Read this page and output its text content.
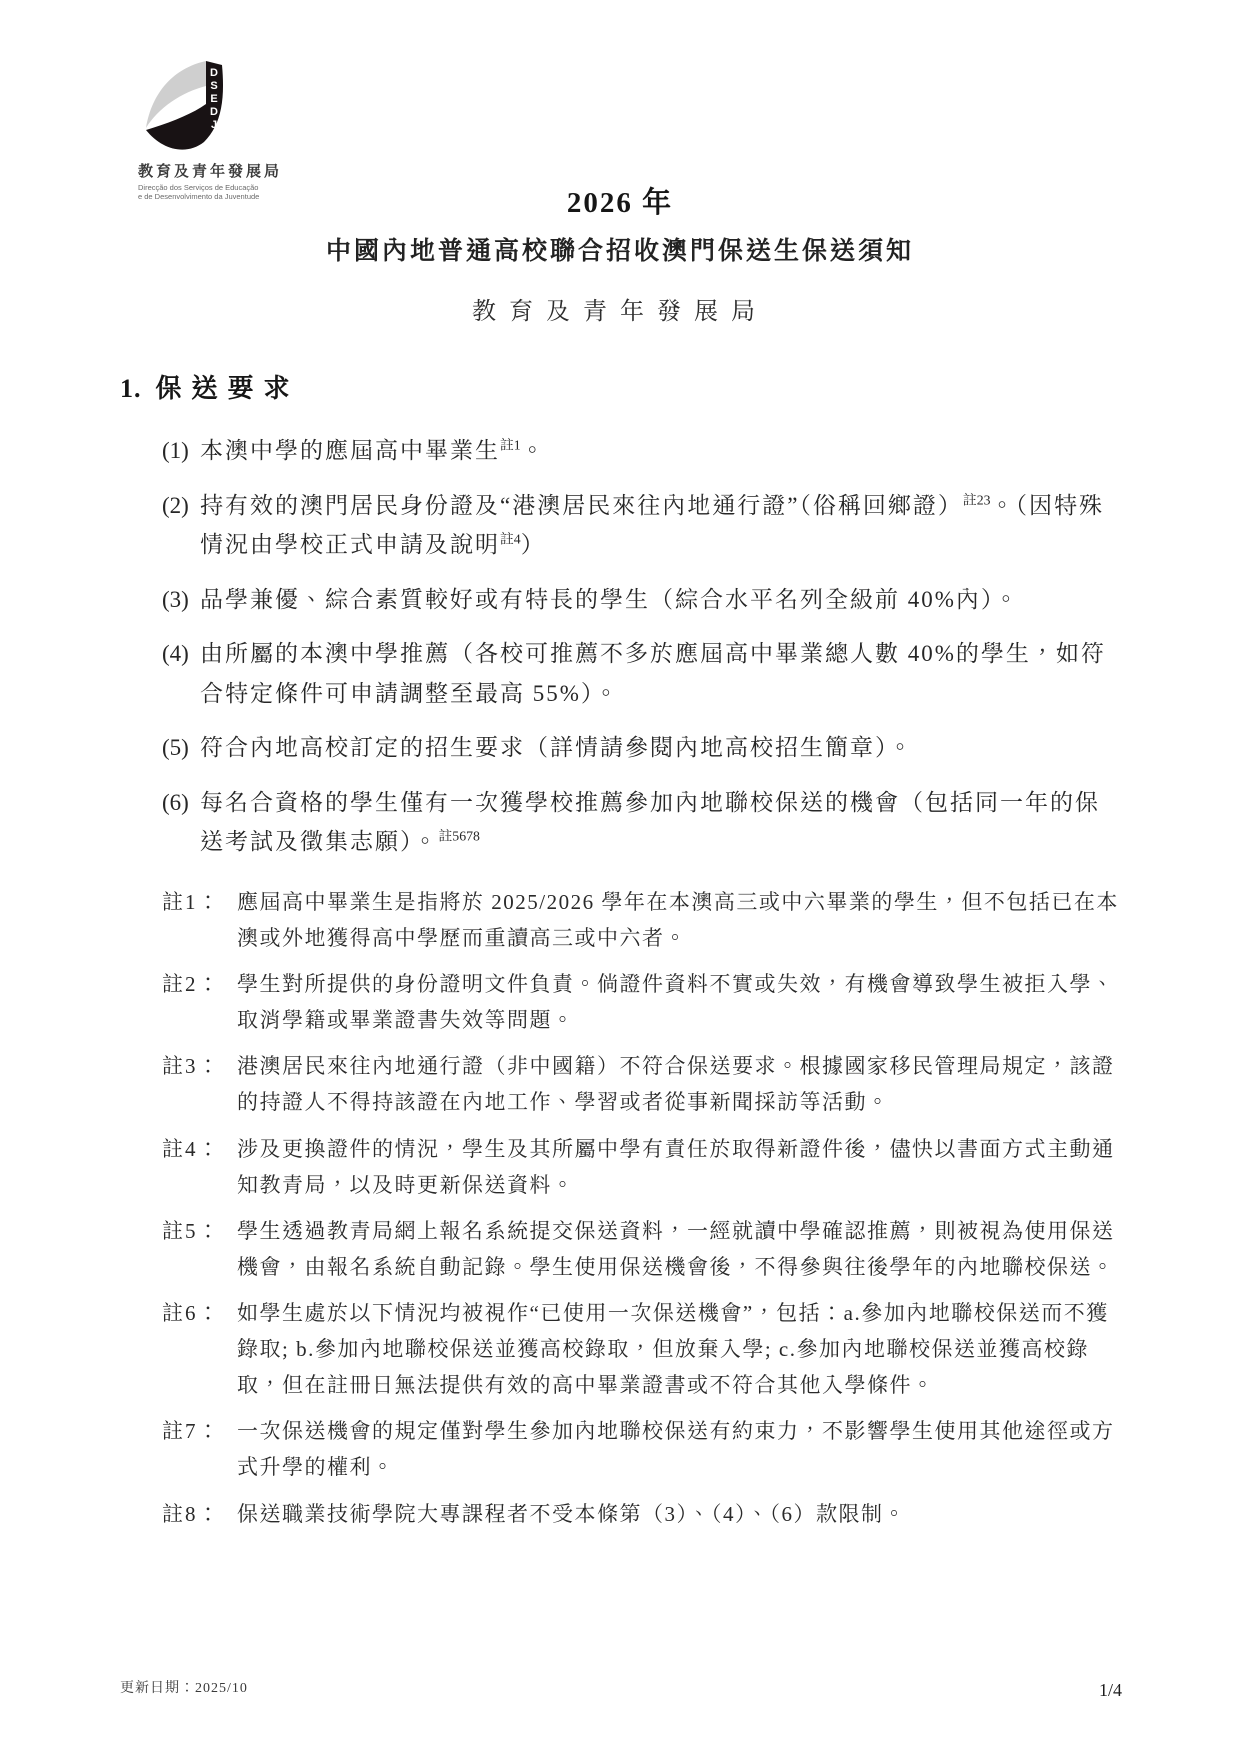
D S E D J
教育及青年發展局
Direcção dos Serviços de Educação
e de Desenvolvimento da Juventude	2026 年
中國內地普通高校聯合招收澳門保送生保送須知
教育及青年發展局
1. 保送要求
(1) 本澳中學的應屆高中畢業生$^{註1}$。
(2) 持有效的澳門居民身份證及“港澳居民來往內地通行證”（俗稱回鄉證）$^{註23}$。（因特殊情況由學校正式申請及說明$^{註4}$）
(3) 品學兼優、綜合素質較好或有特長的學生（綜合水平名列全級前 40%內）。
(4) 由所屬的本澳中學推薦（各校可推薦不多於應屆高中畢業總人數 40%的學生，如符合特定條件可申請調整至最高 55%）。
(5) 符合內地高校訂定的招生要求（詳情請參閱內地高校招生簡章）。
(6) 每名合資格的學生僅有一次獲學校推薦參加內地聯校保送的機會（包括同一年的保送考試及徵集志願）。$^{註5678}$
註1： 應屆高中畢業生是指將於 2025/2026 學年在本澳高三或中六畢業的學生，但不包括已在本澳或外地獲得高中學歷而重讀高三或中六者。
註2： 學生對所提供的身份證明文件負責。倘證件資料不實或失效，有機會導致學生被拒入學、取消學籍或畢業證書失效等問題。
註3： 港澳居民來往內地通行證（非中國籍）不符合保送要求。根據國家移民管理局規定，該證的持證人不得持該證在內地工作、學習或者從事新聞採訪等活動。
註4： 涉及更換證件的情況，學生及其所屬中學有責任於取得新證件後，儘快以書面方式主動通知教青局，以及時更新保送資料。
註5： 學生透過教青局網上報名系統提交保送資料，一經就讀中學確認推薦，則被視為使用保送機會，由報名系統自動記錄。學生使用保送機會後，不得參與往後學年的內地聯校保送。
註6： 如學生處於以下情況均被視作“已使用一次保送機會”，包括：a.參加內地聯校保送而不獲錄取; b.參加內地聯校保送並獲高校錄取，但放棄入學; c.參加內地聯校保送並獲高校錄取，但在註冊日無法提供有效的高中畢業證書或不符合其他入學條件。
註7： 一次保送機會的規定僅對學生參加內地聯校保送有約束力，不影響學生使用其他途徑或方式升學的權利。
註8： 保送職業技術學院大專課程者不受本條第（3）、（4）、（6）款限制。
更新日期：2025/10	1/4
